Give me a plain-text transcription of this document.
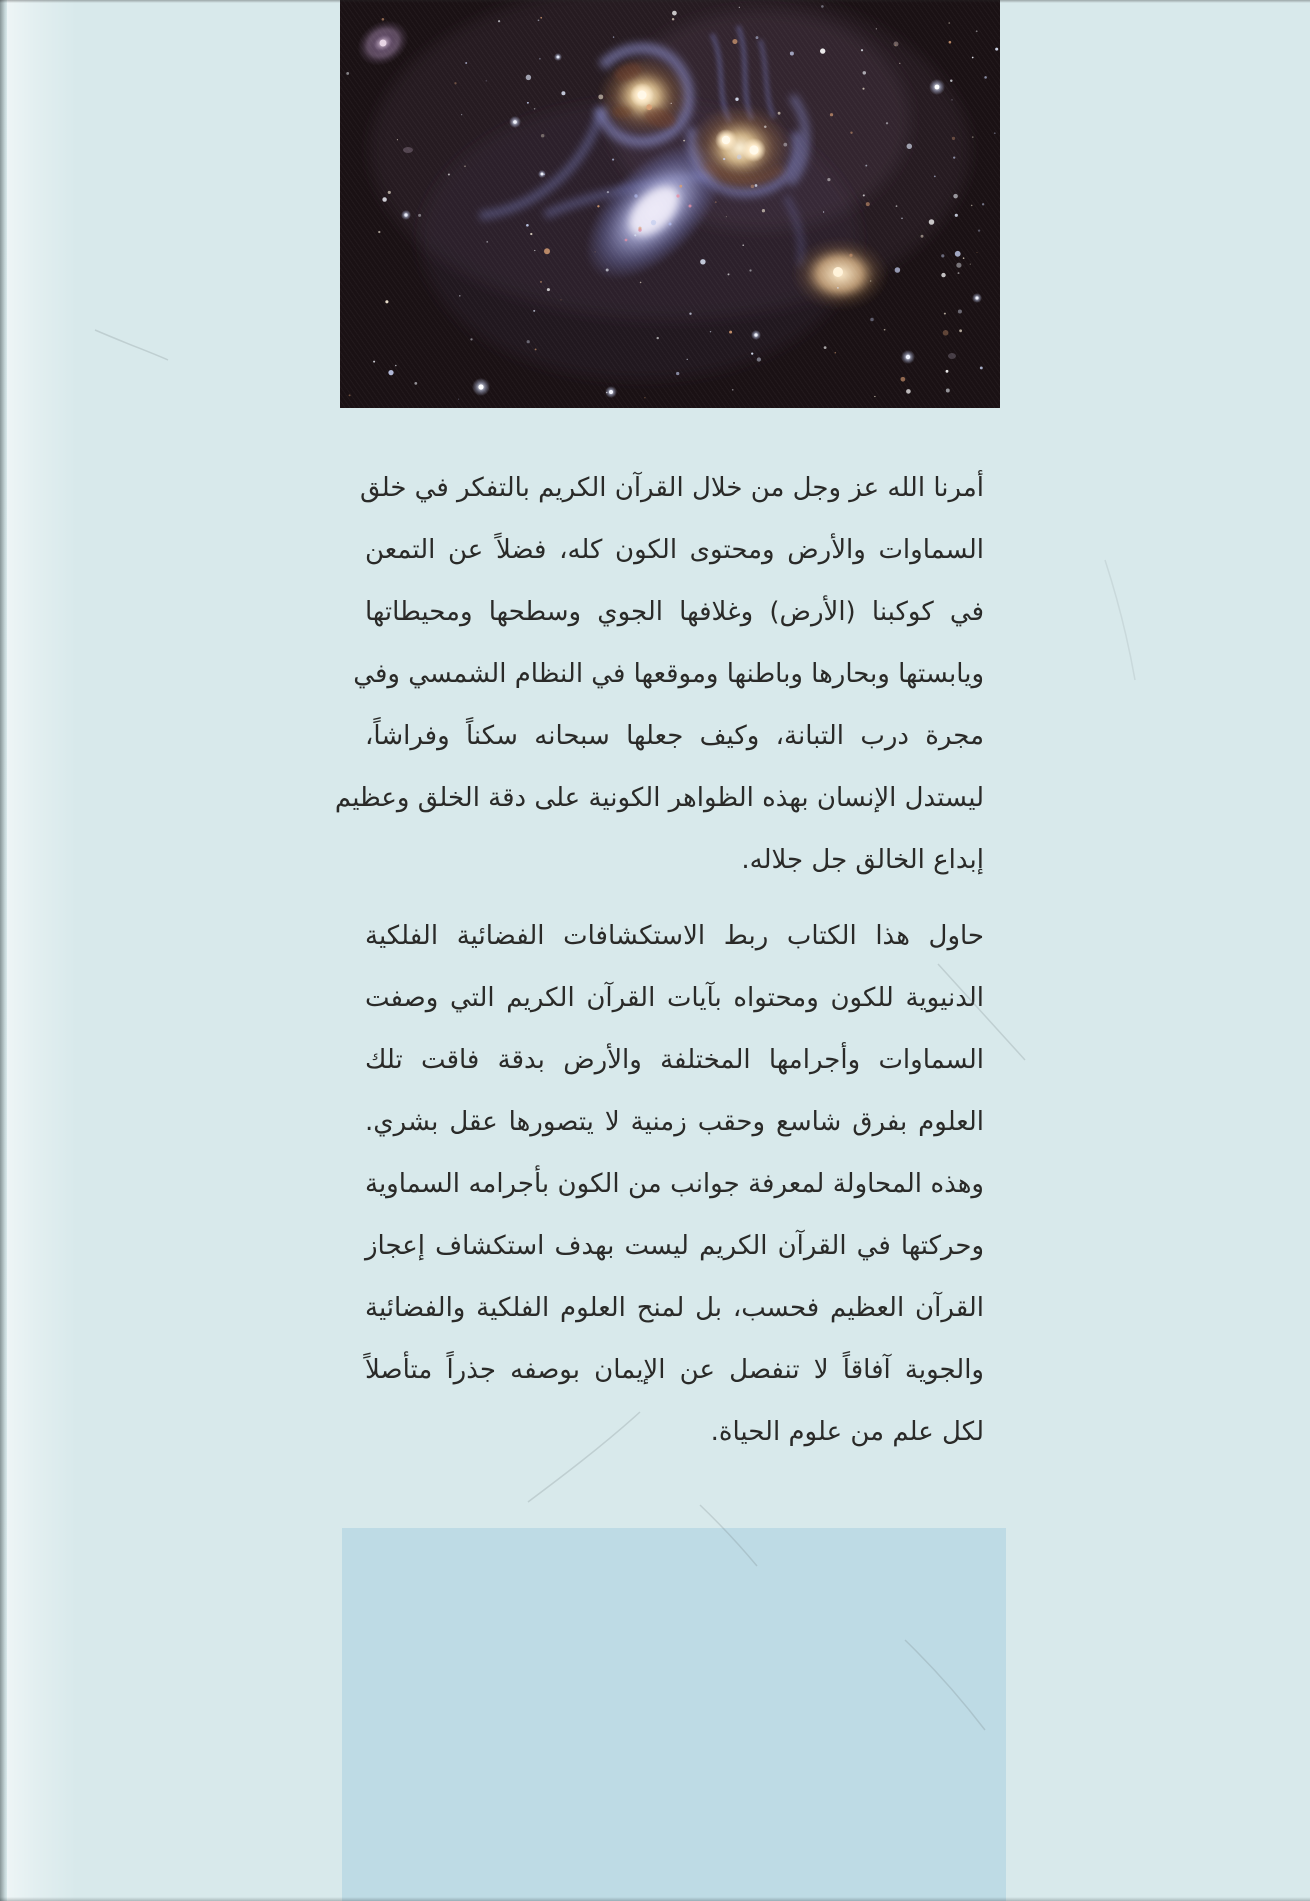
أمرنا الله عز وجل من خلال القرآن الكريم بالتفكر في خلق
السماوات والأرض ومحتوى الكون كله، فضلاً عن التمعن
في كوكبنا (الأرض) وغلافها الجوي وسطحها ومحيطاتها
ويابستها وبحارها وباطنها وموقعها في النظام الشمسي وفي
مجرة درب التبانة، وكيف جعلها سبحانه سكناً وفراشاً،
ليستدل الإنسان بهذه الظواهر الكونية على دقة الخلق وعظيم
إبداع الخالق جل جلاله.
حاول هذا الكتاب ربط الاستكشافات الفضائية الفلكية
الدنيوية للكون ومحتواه بآيات القرآن الكريم التي وصفت
السماوات وأجرامها المختلفة والأرض بدقة فاقت تلك
العلوم بفرق شاسع وحقب زمنية لا يتصورها عقل بشري.
وهذه المحاولة لمعرفة جوانب من الكون بأجرامه السماوية
وحركتها في القرآن الكريم ليست بهدف استكشاف إعجاز
القرآن العظيم فحسب، بل لمنح العلوم الفلكية والفضائية
والجوية آفاقاً لا تنفصل عن الإيمان بوصفه جذراً متأصلاً
لكل علم من علوم الحياة.
